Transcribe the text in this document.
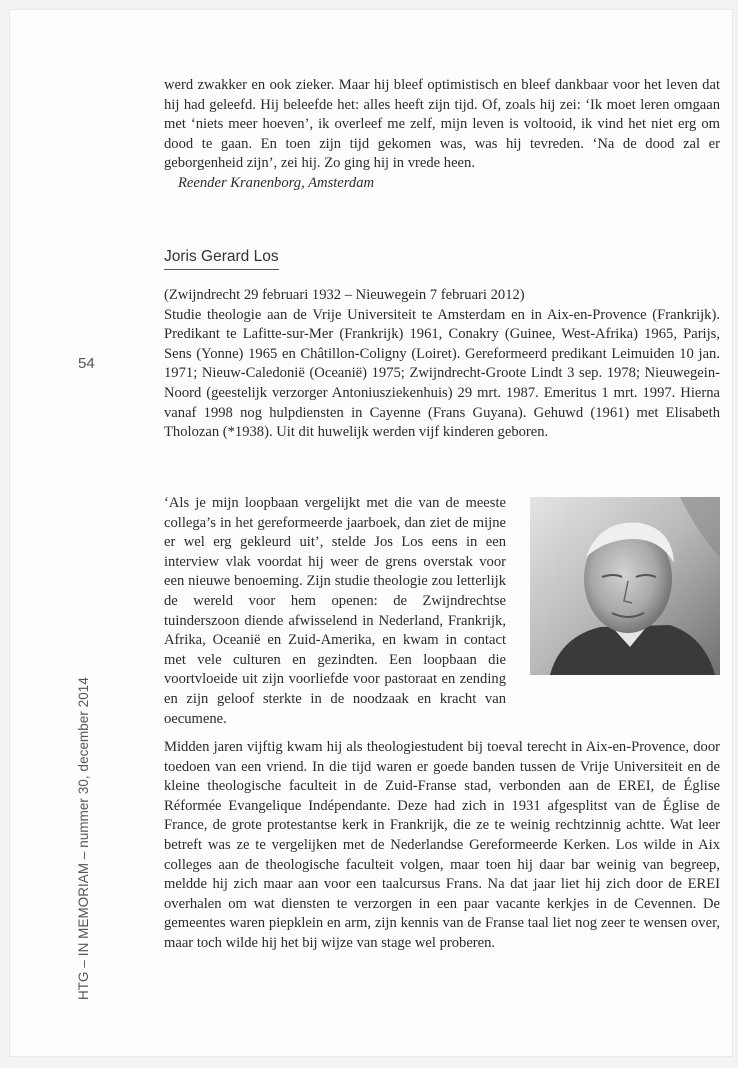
54
HTG – IN MEMORIAM – nummer 30, december 2014

werd zwakker en ook zieker. Maar hij bleef optimistisch en bleef dankbaar voor het leven dat hij had geleefd. Hij beleefde het: alles heeft zijn tijd. Of, zoals hij zei: ‘Ik moet leren omgaan met ‘niets meer hoeven’, ik overleef me zelf, mijn leven is voltooid, ik vind het niet erg om dood te gaan. En toen zijn tijd gekomen was, was hij tevreden. ‘Na de dood zal er geborgenheid zijn’, zei hij. Zo ging hij in vrede heen.

Reender Kranenborg, Amsterdam

Joris Gerard Los

(Zwijndrecht 29 februari 1932 – Nieuwegein 7 februari 2012)

Studie theologie aan de Vrije Universiteit te Amsterdam en in Aix-en-Provence (Frankrijk). Predikant te Lafitte-sur-Mer (Frankrijk) 1961, Conakry (Guinee, West-Afrika) 1965, Parijs, Sens (Yonne) 1965 en Châtillon-Coligny (Loiret). Gereformeerd predikant Leimuiden 10 jan. 1971; Nieuw-Caledonië (Oceanië) 1975; Zwijndrecht-Groote Lindt 3 sep. 1978; Nieuwegein-Noord (geestelijk verzorger Antoniusziekenhuis) 29 mrt. 1987. Emeritus 1 mrt. 1997. Hierna vanaf 1998 nog hulpdiensten in Cayenne (Frans Guyana). Gehuwd (1961) met Elisabeth Tholozan (*1938). Uit dit huwelijk werden vijf kinderen geboren.

‘Als je mijn loopbaan vergelijkt met die van de meeste collega’s in het gereformeerde jaarboek, dan ziet de mijne er wel erg gekleurd uit’, stelde Jos Los eens in een interview vlak voordat hij weer de grens overstak voor een nieuwe benoeming. Zijn studie theologie zou letterlijk de wereld voor hem openen: de Zwijndrechtse tuinderszoon diende afwisselend in Nederland, Frankrijk, Afrika, Oceanië en Zuid-Amerika, en kwam in contact met vele culturen en gezindten. Een loopbaan die voortvloeide uit zijn voorliefde voor pastoraat en zending en zijn geloof sterkte in de noodzaak en kracht van oecumene.
Midden jaren vijftig kwam hij als theologiestudent bij toeval terecht in Aix-en-Provence, door toedoen van een vriend. In die tijd waren er goede banden tussen de Vrije Universiteit en de kleine theologische faculteit in de Zuid-Franse stad, verbonden aan de EREI, de Église Réformée Evangelique Indépendante. Deze had zich in 1931 afgesplitst van de Église de France, de grote protestantse kerk in Frankrijk, die ze te weinig rechtzinnig achtte. Wat leer betreft was ze te vergelijken met de Nederlandse Gereformeerde Kerken. Los wilde in Aix colleges aan de theologische faculteit volgen, maar toen hij daar bar weinig van begreep, meldde hij zich maar aan voor een taalcursus Frans. Na dat jaar liet hij zich door de EREI overhalen om wat diensten te verzorgen in een paar vacante kerkjes in de Cevennen. De gemeentes waren piepklein en arm, zijn kennis van de Franse taal liet nog zeer te wensen over, maar toch wilde hij het bij wijze van stage wel proberen.
